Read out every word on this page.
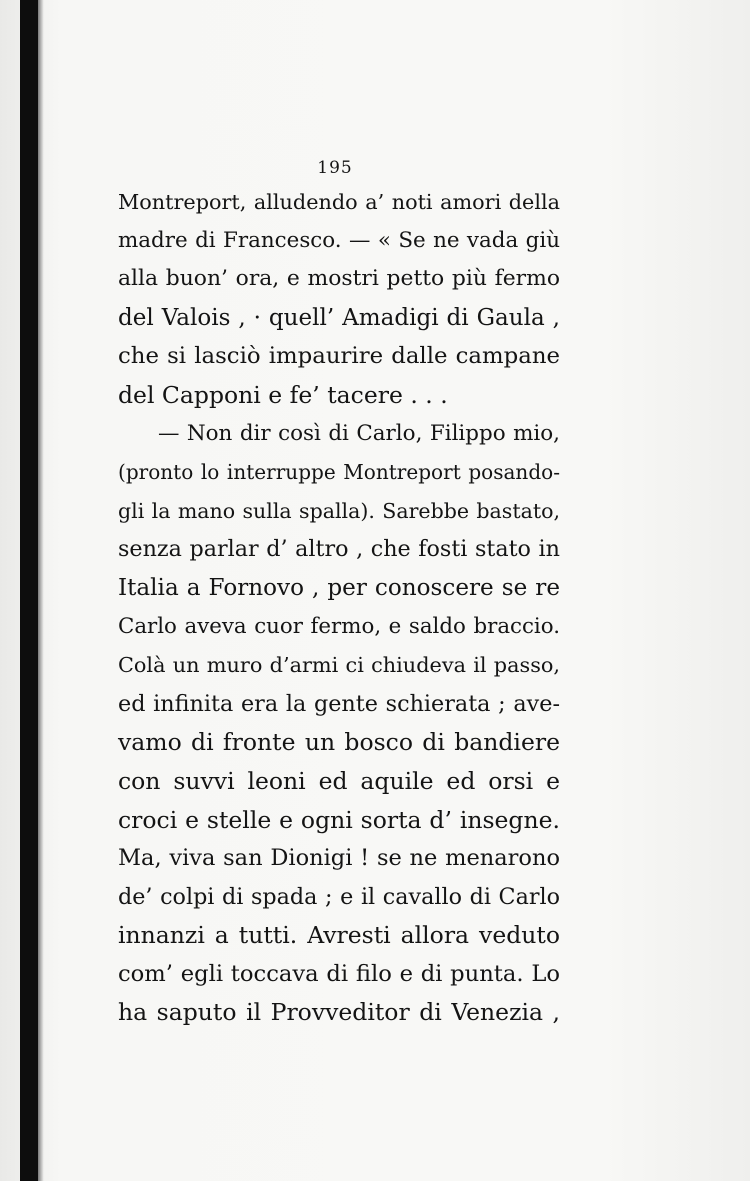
195
Montreport, alludendo a’ noti amori della
madre di Francesco. — « Se ne vada giù
alla buon’ ora, e mostri petto più fermo
del Valois , · quell’ Amadigi di Gaula ,
che si lasciò impaurire dalle campane
del Capponi e fe’ tacere . . .
— Non dir così di Carlo, Filippo mio,
(pronto lo interruppe Montreport posando-
gli la mano sulla spalla). Sarebbe bastato,
senza parlar d’ altro , che fosti stato in
Italia a Fornovo , per conoscere se re
Carlo aveva cuor fermo, e saldo braccio.
Colà un muro d’armi ci chiudeva il passo,
ed infinita era la gente schierata ; ave-
vamo di fronte un bosco di bandiere
con suvvi leoni ed aquile ed orsi e
croci e stelle e ogni sorta d’ insegne.
Ma, viva san Dionigi ! se ne menarono
de’ colpi di spada ; e il cavallo di Carlo
innanzi a tutti. Avresti allora veduto
com’ egli toccava di filo e di punta. Lo
ha saputo il Provveditor di Venezia ,
